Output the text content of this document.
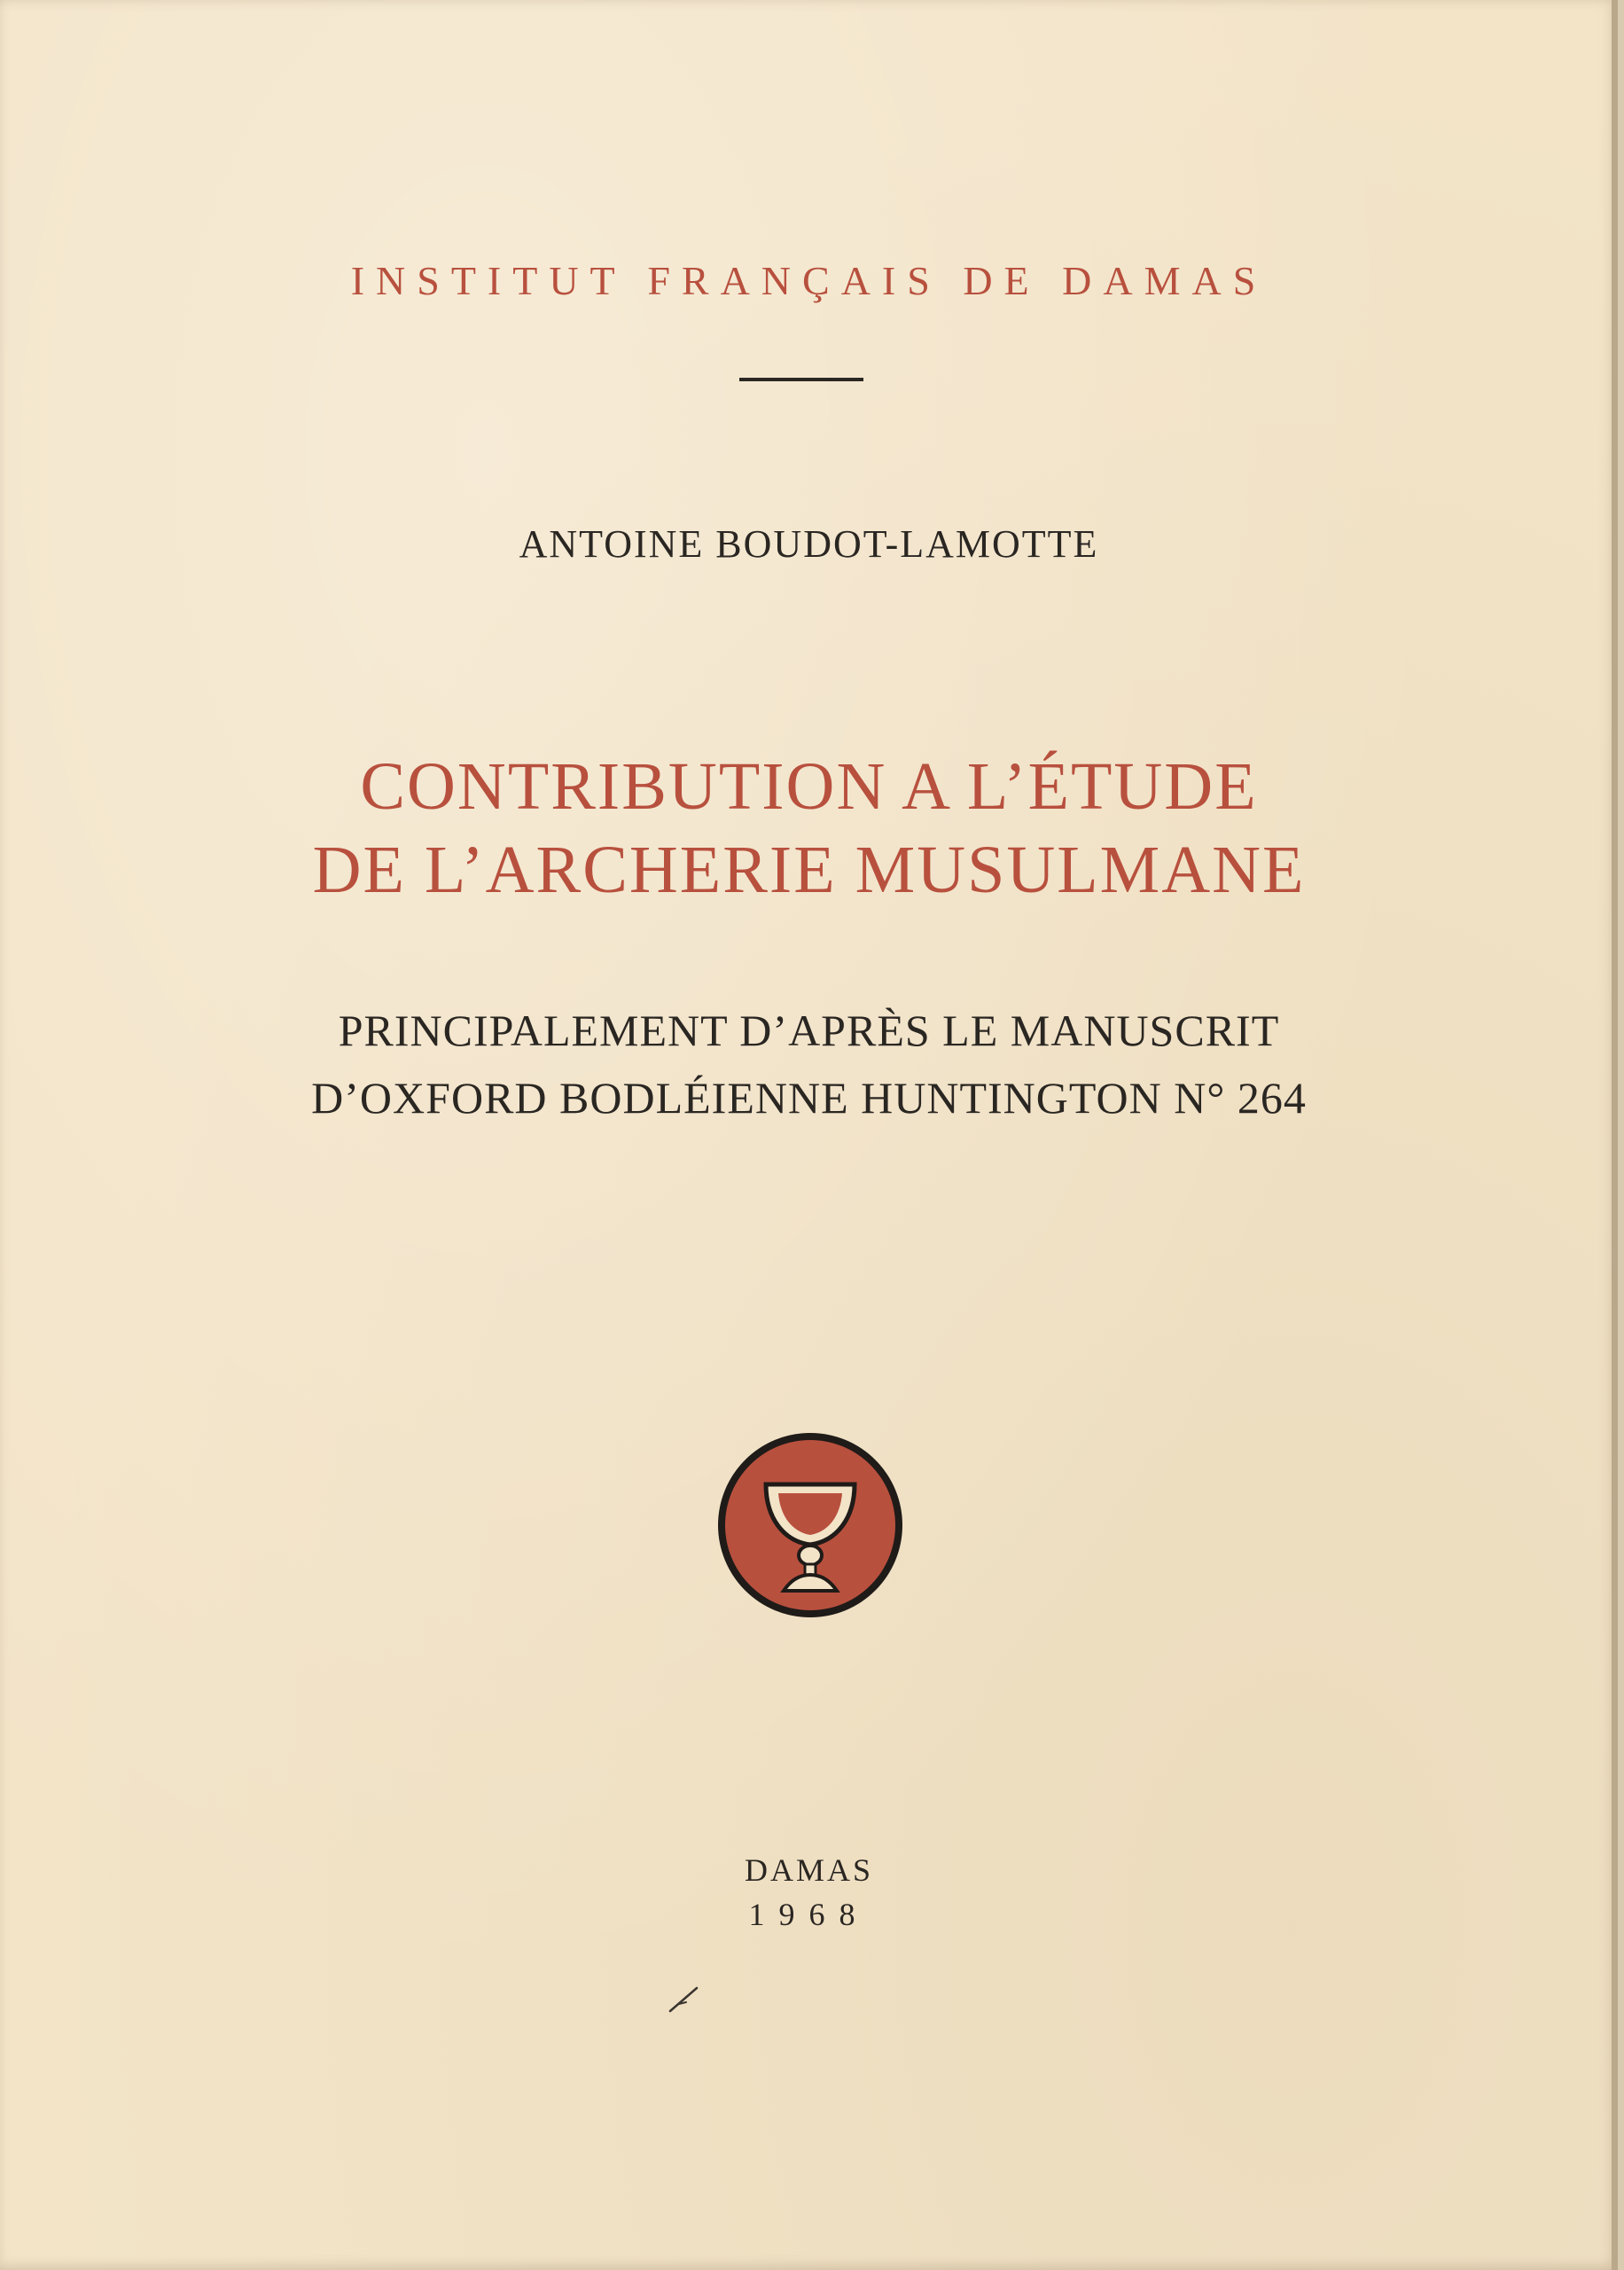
INSTITUT FRANÇAIS DE DAMAS
ANTOINE BOUDOT-LAMOTTE
CONTRIBUTION A L’ÉTUDE
DE L’ARCHERIE MUSULMANE
PRINCIPALEMENT D’APRÈS LE MANUSCRIT
D’OXFORD BODLÉIENNE HUNTINGTON N° 264
DAMAS
1968
